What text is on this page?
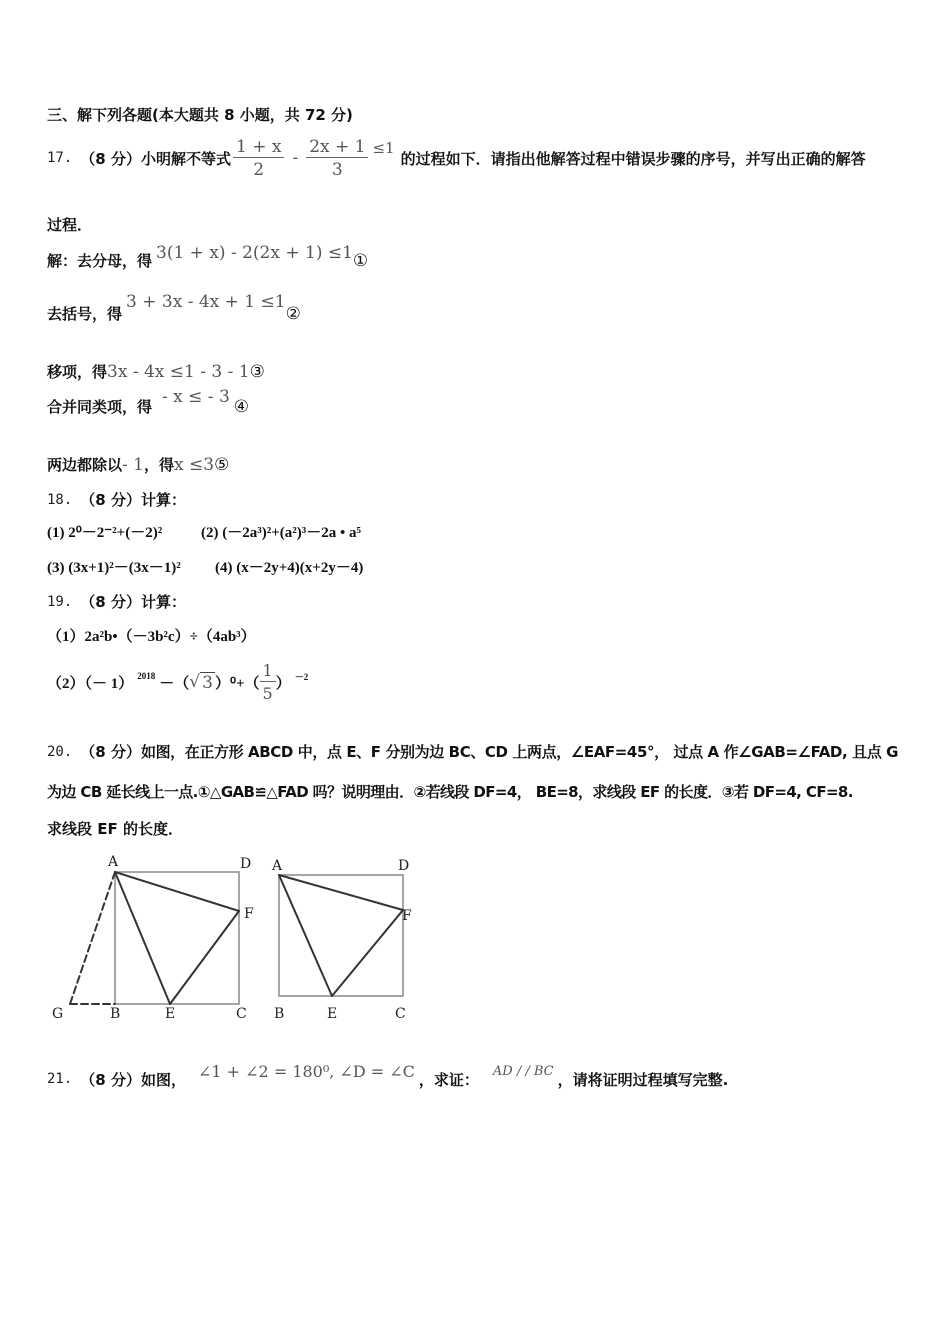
三、解下列各题(本大题共 8 小题，共 72 分)
17. （8 分） 小明解不等式 $\frac{1 + x}{2} - \frac{2x + 1}{3} \le 1$
的过程如下．请指出他解答过程中错误步骤的序号，并写出正确的解答
过程．
解：去分母，得 3(1 + x) - 2(2x + 1) ≤1 ①
去括号，得
3 + 3x - 4x + 1 ≤1
②
移项，得 3x - 4x ≤1 - 3 - 1 ③
合并同类项，得 - x ≤ - 3 ④
两边都除以 - 1 ，得 x ≤3 ⑤
18. （8 分） 计算：
(1) 2⁰－2⁻²+(－2)²	(2) (－2a³)²+(a²)³－2a • a⁵
(3) (3x+1)²－(3x－1)² (4) (x－2y+4)(x+2y－4)
19. （8 分） 计算：
（1）2a²b•（－3b²c）÷（4ab³）
（2）（－ 1） 2018 －（ √ 3 ）$^0+( \frac{1}{5}$ ） －2
20. （8 分） 如图，在正方形 ABCD 中，点 E、F 分别为边 BC、CD 上两点，∠EAF=45°， 过点 A 作∠GAB=∠FAD, 且点 G
为边 CB 延长线上一点.①△GAB≌△FAD 吗？说明理由．②若线段 DF=4， BE=8，求线段 EF 的长度．③若 DF=4, CF=8.
求线段 EF 的长度．
A	D
F
G	B	E	C
A	D
F
B	E	C
21. （8 分） 如图， ∠1 + ∠2 = 180⁰, ∠D = ∠C ，求证： AD / / BC ，请将证明过程填写完整.
